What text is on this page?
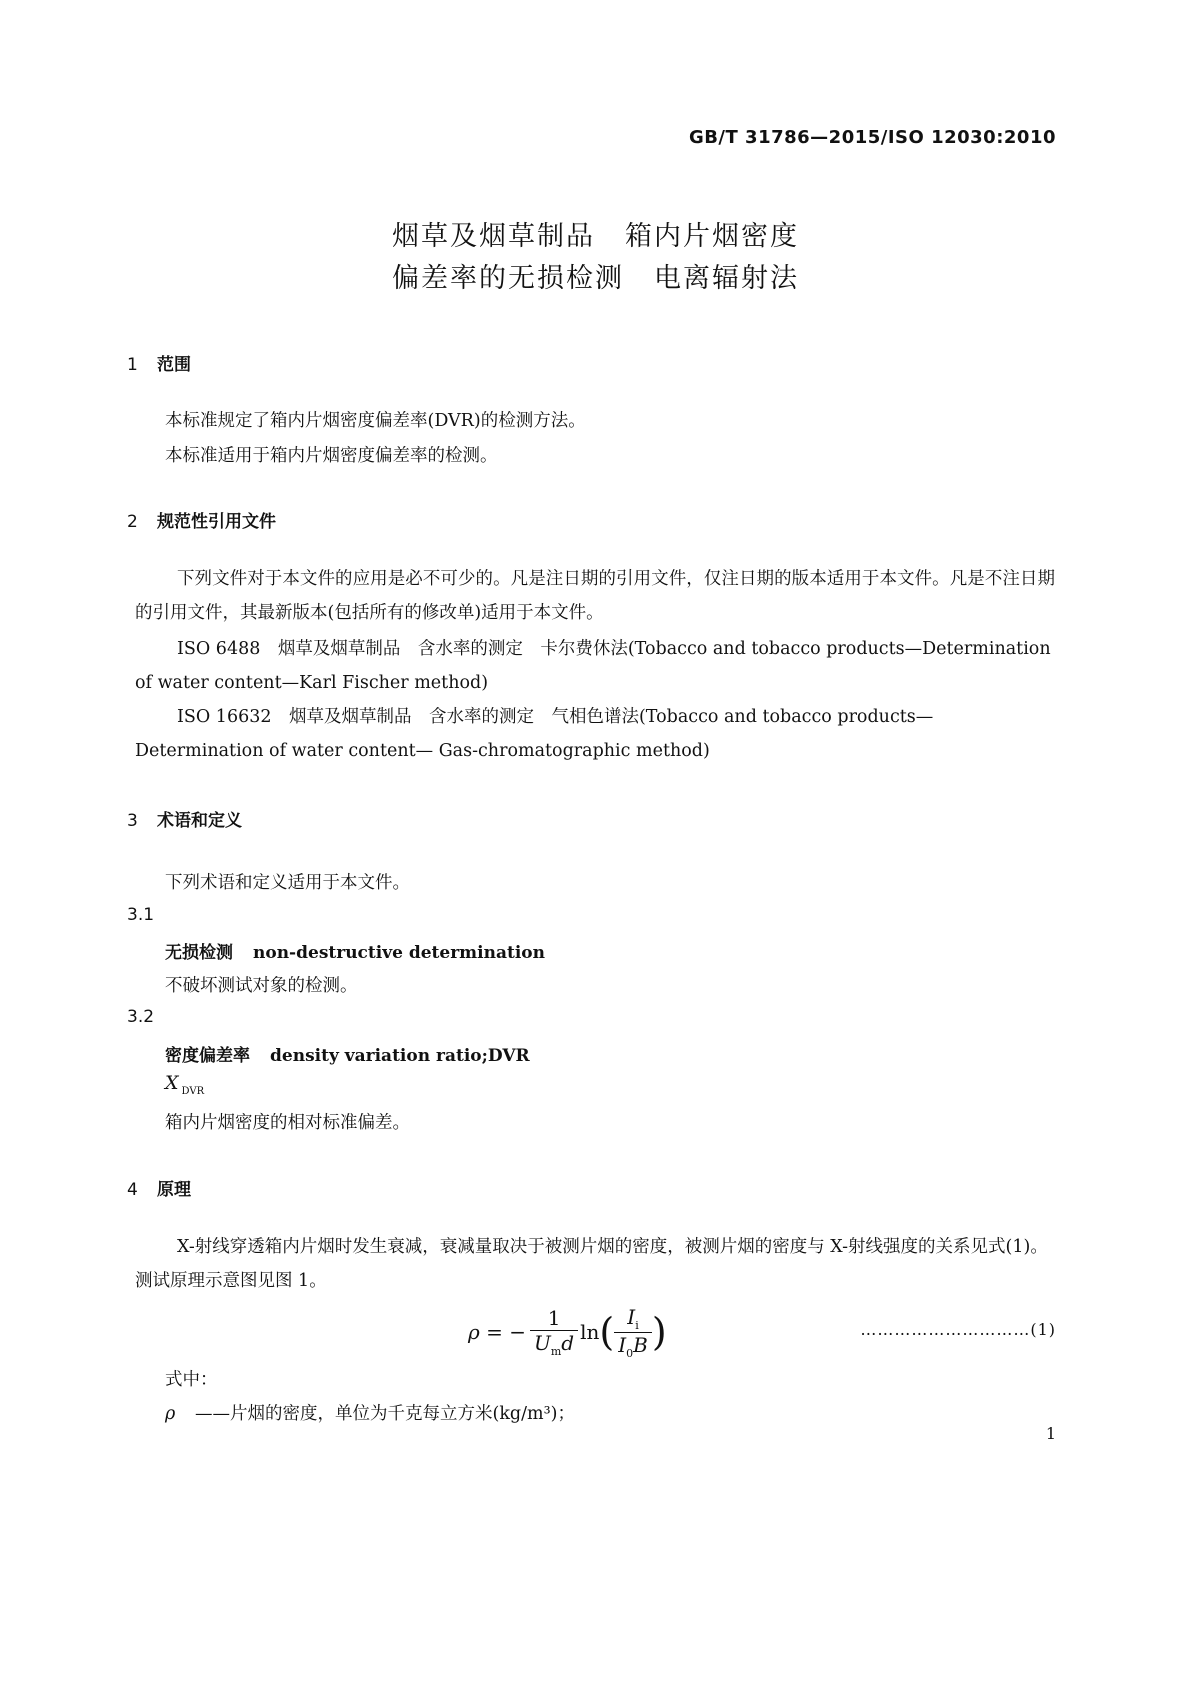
GB/T 31786—2015/ISO 12030:2010
烟草及烟草制品 箱内片烟密度
偏差率的无损检测 电离辐射法
1 范围
本标准规定了箱内片烟密度偏差率(DVR)的检测方法。
本标准适用于箱内片烟密度偏差率的检测。
2 规范性引用文件
下列文件对于本文件的应用是必不可少的。凡是注日期的引用文件，仅注日期的版本适用于本文件。凡是不注日期的引用文件，其最新版本(包括所有的修改单)适用于本文件。
ISO 6488　烟草及烟草制品　含水率的测定　卡尔费休法(Tobacco and tobacco products—Determination of water content—Karl Fischer method)
ISO 16632　烟草及烟草制品　含水率的测定　气相色谱法(Tobacco and tobacco products—Determination of water content— Gas-chromatographic method)
3 术语和定义
下列术语和定义适用于本文件。
3.1
无损检测 non-destructive determination
不破坏测试对象的检测。
3.2
密度偏差率 density variation ratio;DVR
X $_{DVR}$
箱内片烟密度的相对标准偏差。
4 原理
X-射线穿透箱内片烟时发生衰减，衰减量取决于被测片烟的密度，被测片烟的密度与 X-射线强度的关系见式(1)。测试原理示意图见图 1。
ρ = − $\frac{1}{U_md}$ ln ( $\frac{I_i}{I_0B}$ )	…………………………(1)
式中：
ρ ——片烟的密度，单位为千克每立方米(kg/m³)；
1
